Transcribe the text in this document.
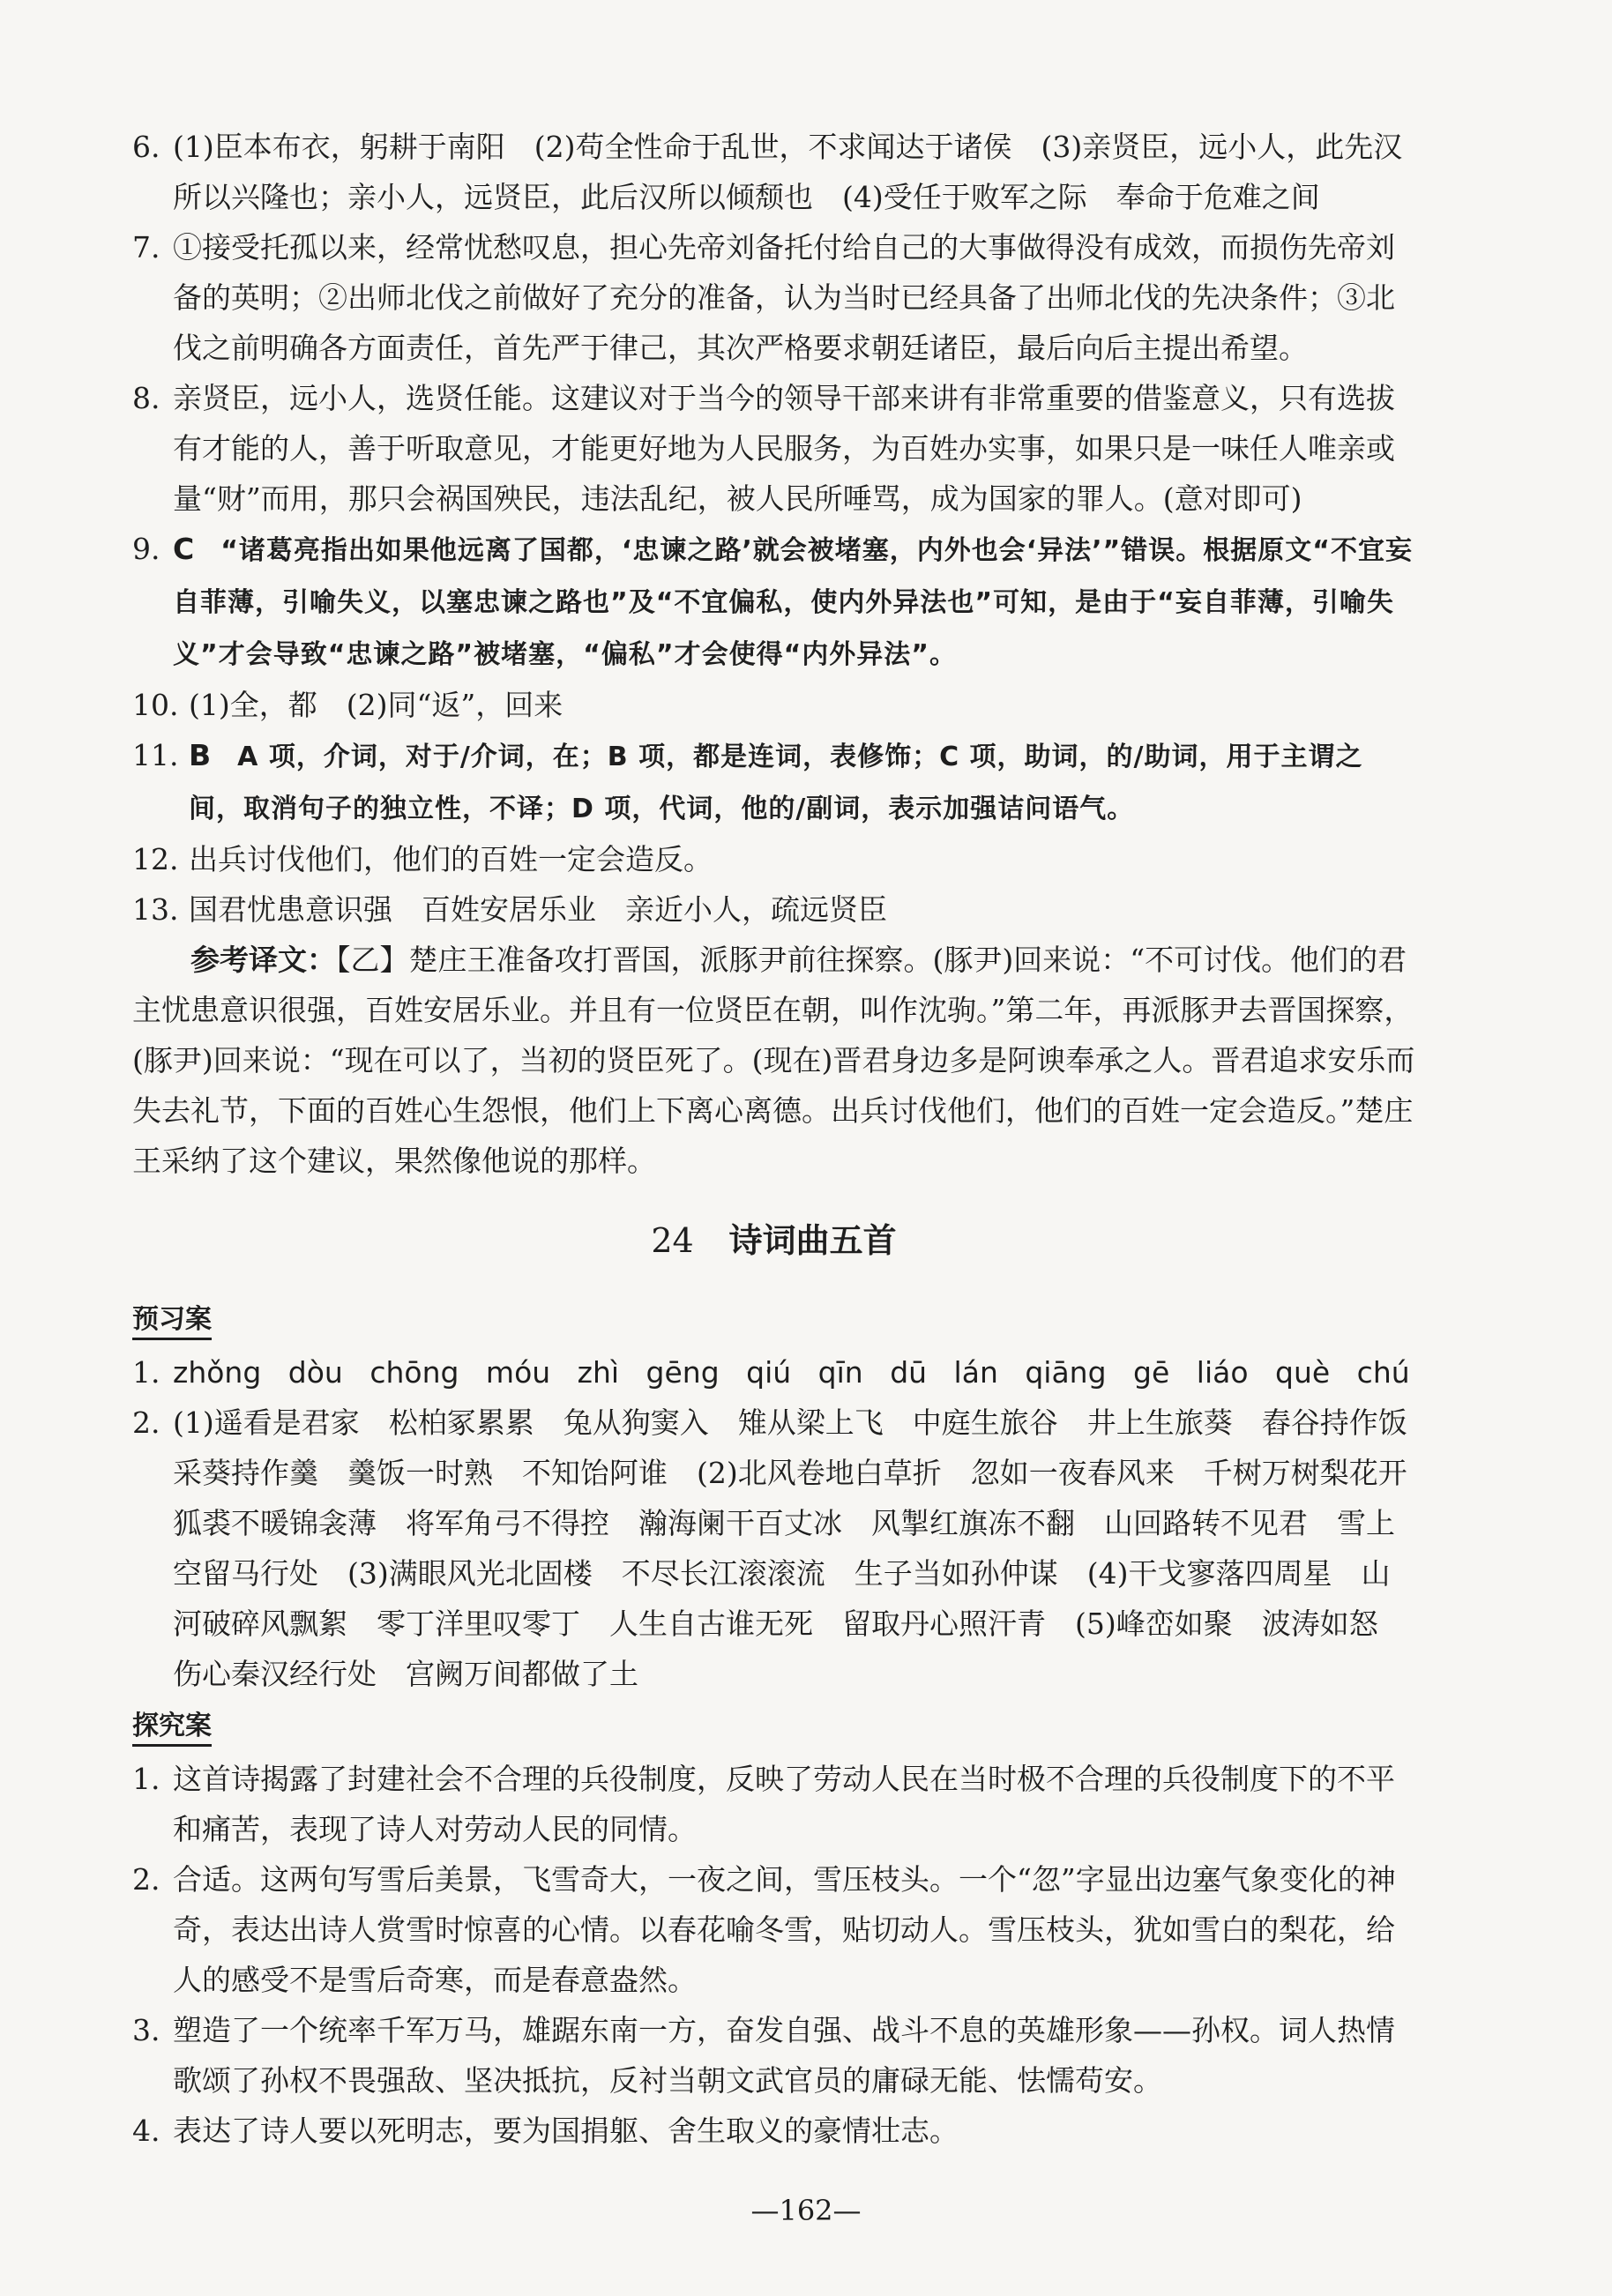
6. (1)臣本布衣，躬耕于南阳　(2)苟全性命于乱世，不求闻达于诸侯　(3)亲贤臣，远小人，此先汉所以兴隆也；亲小人，远贤臣，此后汉所以倾颓也　(4)受任于败军之际　奉命于危难之间
7. ①接受托孤以来，经常忧愁叹息，担心先帝刘备托付给自己的大事做得没有成效，而损伤先帝刘备的英明；②出师北伐之前做好了充分的准备，认为当时已经具备了出师北伐的先决条件；③北伐之前明确各方面责任，首先严于律己，其次严格要求朝廷诸臣，最后向后主提出希望。
8. 亲贤臣，远小人，选贤任能。这建议对于当今的领导干部来讲有非常重要的借鉴意义，只有选拔有才能的人，善于听取意见，才能更好地为人民服务，为百姓办实事，如果只是一味任人唯亲或量“财”而用，那只会祸国殃民，违法乱纪，被人民所唾骂，成为国家的罪人。(意对即可)
9. C “诸葛亮指出如果他远离了国都，‘忠谏之路’就会被堵塞，内外也会‘异法’”错误。根据原文“不宜妄自菲薄，引喻失义，以塞忠谏之路也”及“不宜偏私，使内外异法也”可知，是由于“妄自菲薄，引喻失义”才会导致“忠谏之路”被堵塞，“偏私”才会使得“内外异法”。
10. (1)全，都　(2)同“返”，回来
11. B A 项，介词，对于/介词，在；B 项，都是连词，表修饰；C 项，助词，的/助词，用于主谓之间，取消句子的独立性，不译；D 项，代词，他的/副词，表示加强诘问语气。
12. 出兵讨伐他们，他们的百姓一定会造反。
13. 国君忧患意识强　百姓安居乐业　亲近小人，疏远贤臣
参考译文：【乙】楚庄王准备攻打晋国，派豚尹前往探察。(豚尹)回来说：“不可讨伐。他们的君主忧患意识很强，百姓安居乐业。并且有一位贤臣在朝，叫作沈驹。”第二年，再派豚尹去晋国探察，(豚尹)回来说：“现在可以了，当初的贤臣死了。(现在)晋君身边多是阿谀奉承之人。晋君追求安乐而失去礼节，下面的百姓心生怨恨，他们上下离心离德。出兵讨伐他们，他们的百姓一定会造反。”楚庄王采纳了这个建议，果然像他说的那样。
24 诗词曲五首
预习案
1. zhǒng dòu chōng móu zhì gēng qiú qīn dū lán qiāng gē liáo què chú
2. (1)遥看是君家　松柏冢累累　兔从狗窦入　雉从梁上飞　中庭生旅谷　井上生旅葵　舂谷持作饭　采葵持作羹　羹饭一时熟　不知饴阿谁　(2)北风卷地白草折　忽如一夜春风来　千树万树梨花开　狐裘不暖锦衾薄　将军角弓不得控　瀚海阑干百丈冰　风掣红旗冻不翻　山回路转不见君　雪上空留马行处　(3)满眼风光北固楼　不尽长江滚滚流　生子当如孙仲谋　(4)干戈寥落四周星　山河破碎风飘絮　零丁洋里叹零丁　人生自古谁无死　留取丹心照汗青　(5)峰峦如聚　波涛如怒　伤心秦汉经行处　宫阙万间都做了土
探究案
1. 这首诗揭露了封建社会不合理的兵役制度，反映了劳动人民在当时极不合理的兵役制度下的不平和痛苦，表现了诗人对劳动人民的同情。
2. 合适。这两句写雪后美景，飞雪奇大，一夜之间，雪压枝头。一个“忽”字显出边塞气象变化的神奇，表达出诗人赏雪时惊喜的心情。以春花喻冬雪，贴切动人。雪压枝头，犹如雪白的梨花，给人的感受不是雪后奇寒，而是春意盎然。
3. 塑造了一个统率千军万马，雄踞东南一方，奋发自强、战斗不息的英雄形象——孙权。词人热情歌颂了孙权不畏强敌、坚决抵抗，反衬当朝文武官员的庸碌无能、怯懦苟安。
4. 表达了诗人要以死明志，要为国捐躯、舍生取义的豪情壮志。
—162—
